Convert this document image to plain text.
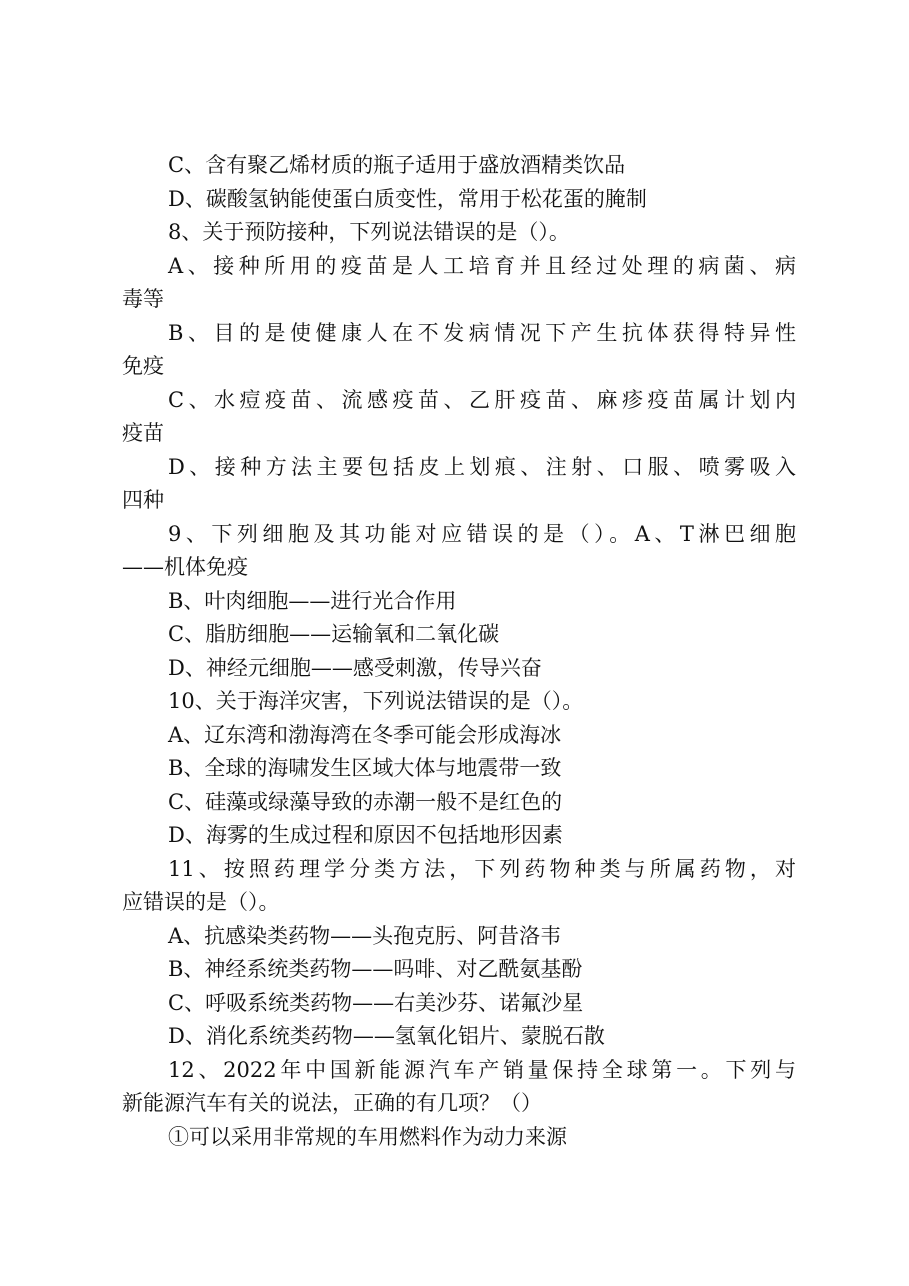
C、含有聚乙烯材质的瓶子适用于盛放酒精类饮品
D、碳酸氢钠能使蛋白质变性，常用于松花蛋的腌制
8、关于预防接种，下列说法错误的是（）。
A、接种所用的疫苗是人工培育并且经过处理的病菌、病
毒等
B、目的是使健康人在不发病情况下产生抗体获得特异性
免疫
C、水痘疫苗、流感疫苗、乙肝疫苗、麻疹疫苗属计划内
疫苗
D、接种方法主要包括皮上划痕、注射、口服、喷雾吸入
四种
9、下列细胞及其功能对应错误的是（）。A、T淋巴细胞
——机体免疫
B、叶肉细胞——进行光合作用
C、脂肪细胞——运输氧和二氧化碳
D、神经元细胞——感受刺激，传导兴奋
10、关于海洋灾害，下列说法错误的是（）。
A、辽东湾和渤海湾在冬季可能会形成海冰
B、全球的海啸发生区域大体与地震带一致
C、硅藻或绿藻导致的赤潮一般不是红色的
D、海雾的生成过程和原因不包括地形因素
11、按照药理学分类方法，下列药物种类与所属药物，对
应错误的是（）。
A、抗感染类药物——头孢克肟、阿昔洛韦
B、神经系统类药物——吗啡、对乙酰氨基酚
C、呼吸系统类药物——右美沙芬、诺氟沙星
D、消化系统类药物——氢氧化铝片、蒙脱石散
12、2022年中国新能源汽车产销量保持全球第一。下列与
新能源汽车有关的说法，正确的有几项？（）
①可以采用非常规的车用燃料作为动力来源
